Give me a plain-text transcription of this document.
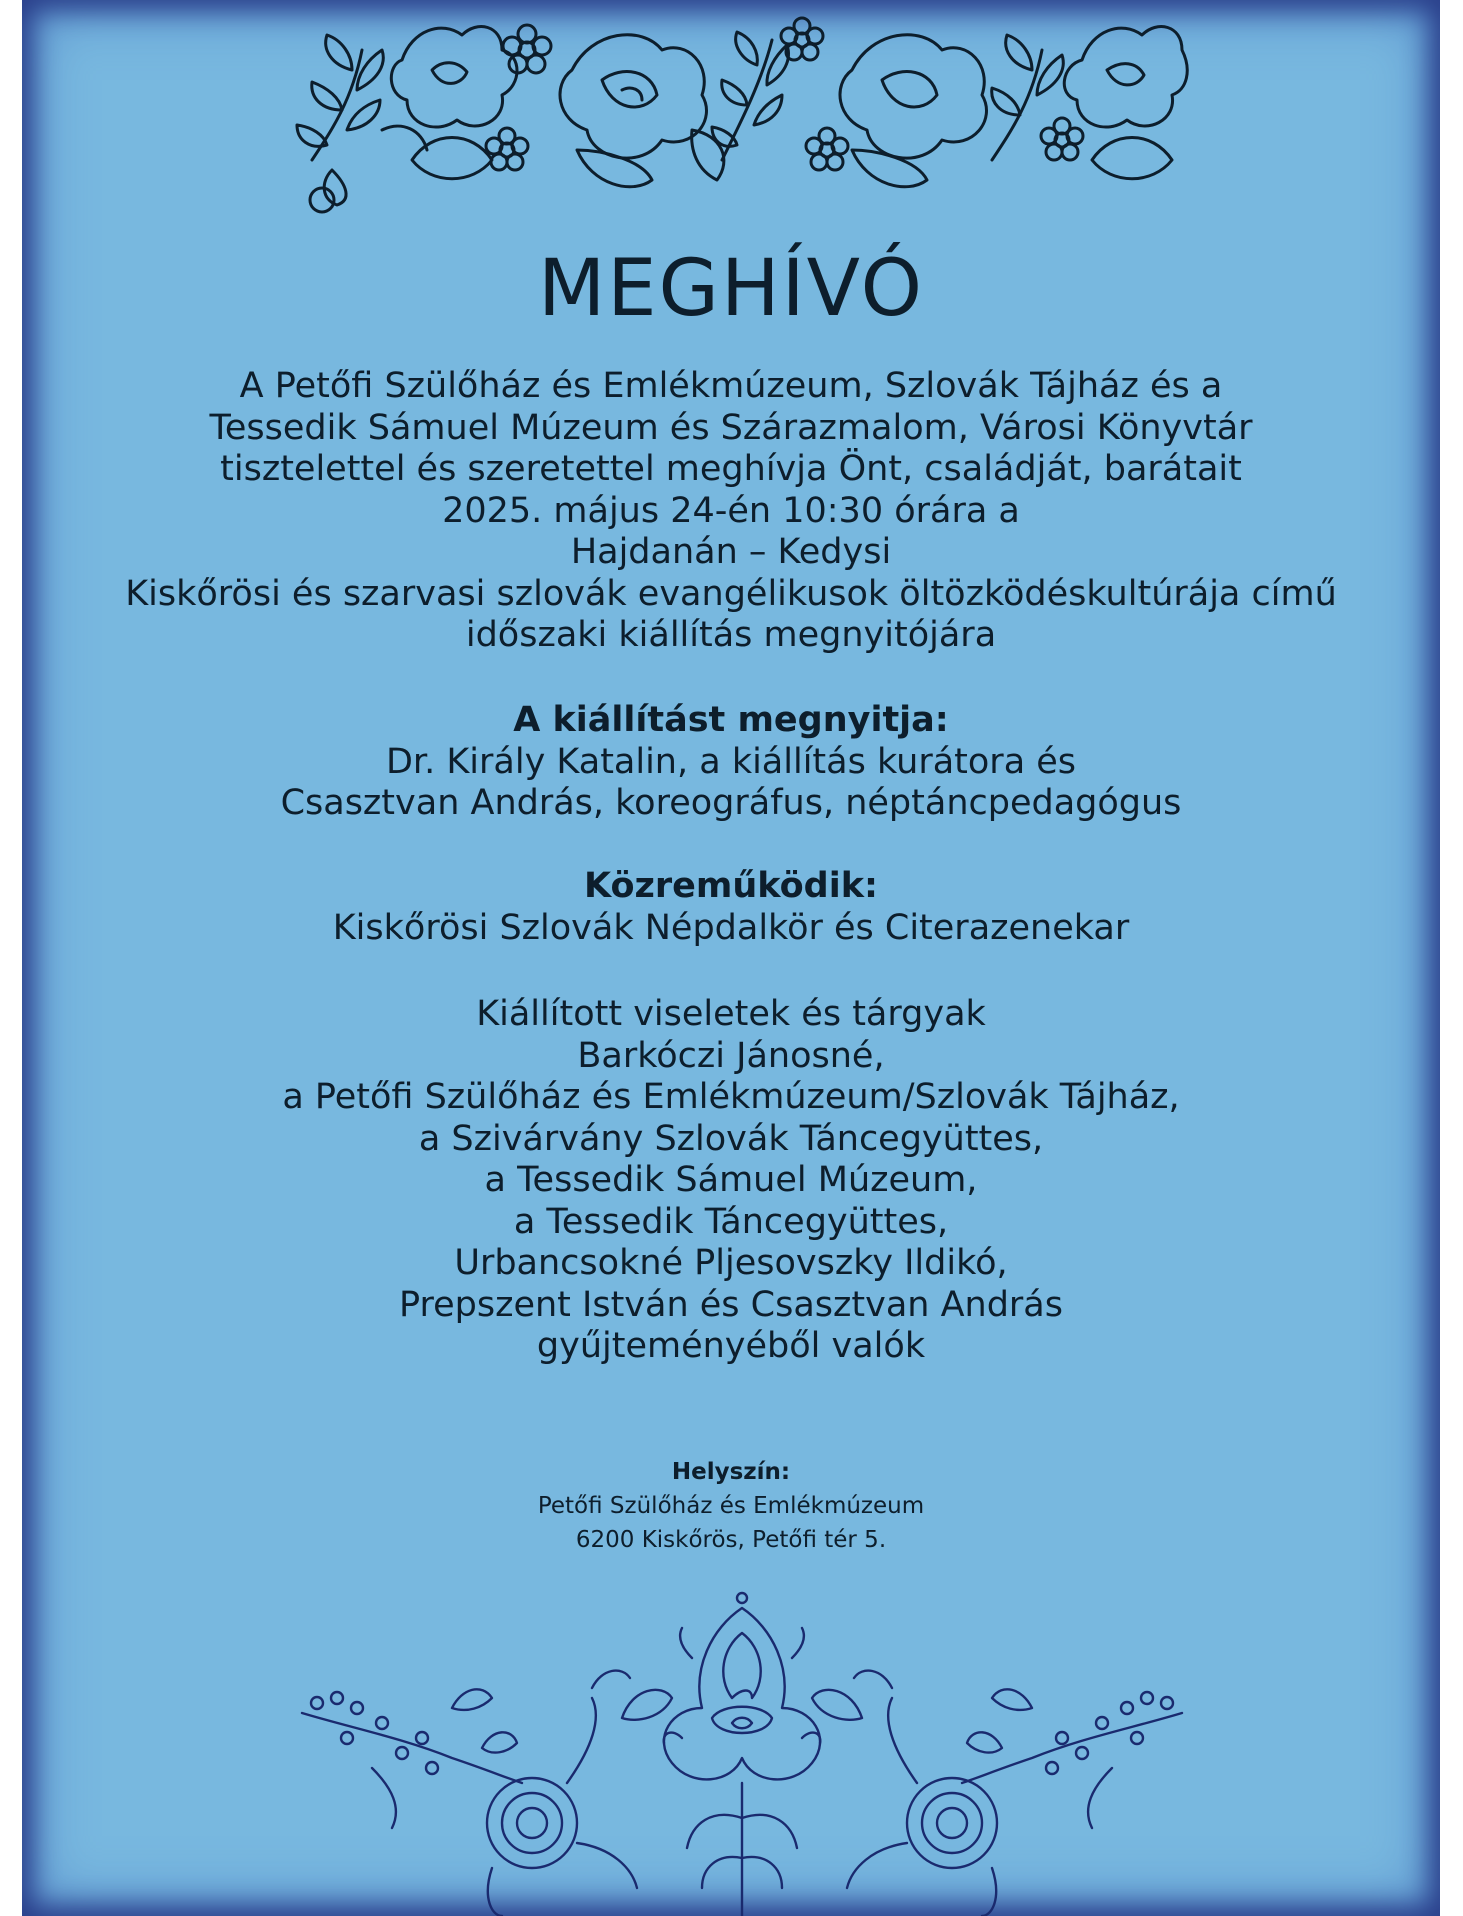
MEGHÍVÓ
A Petőfi Szülőház és Emlékmúzeum, Szlovák Tájház és a
Tessedik Sámuel Múzeum és Szárazmalom, Városi Könyvtár
tisztelettel és szeretettel meghívja Önt, családját, barátait
2025. május 24-én 10:30 órára a
Hajdanán – Kedysi
Kiskőrösi és szarvasi szlovák evangélikusok öltözködéskultúrája című
időszaki kiállítás megnyitójára
A kiállítást megnyitja:
Dr. Király Katalin, a kiállítás kurátora és
Csasztvan András, koreográfus, néptáncpedagógus
Közreműködik:
Kiskőrösi Szlovák Népdalkör és Citerazenekar
Kiállított viseletek és tárgyak
Barkóczi Jánosné,
a Petőfi Szülőház és Emlékmúzeum/Szlovák Tájház,
a Szivárvány Szlovák Táncegyüttes,
a Tessedik Sámuel Múzeum,
a Tessedik Táncegyüttes,
Urbancsokné Pljesovszky Ildikó,
Prepszent István és Csasztvan András
gyűjteményéből valók
Helyszín:
Petőfi Szülőház és Emlékmúzeum
6200 Kiskőrös, Petőfi tér 5.
